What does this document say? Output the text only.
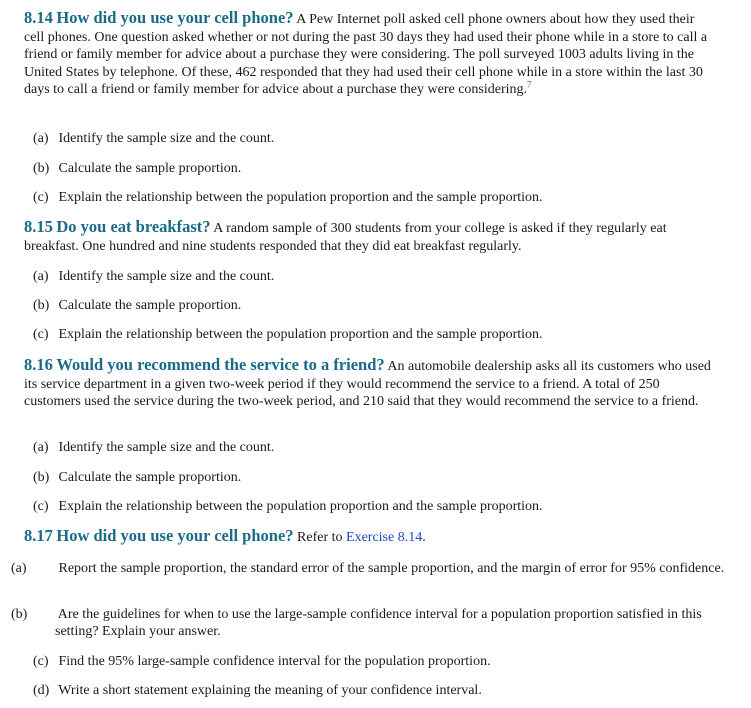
8.14 How did you use your cell phone? A Pew Internet poll asked cell phone owners about how they used their cell phones. One question asked whether or not during the past 30 days they had used their phone while in a store to call a friend or family member for advice about a purchase they were considering. The poll surveyed 1003 adults living in the United States by telephone. Of these, 462 responded that they had used their cell phone while in a store within the last 30 days to call a friend or family member for advice about a purchase they were considering.$^7$

(a) Identify the sample size and the count.
(b) Calculate the sample proportion.
(c) Explain the relationship between the population proportion and the sample proportion.

8.15 Do you eat breakfast? A random sample of 300 students from your college is asked if they regularly eat breakfast. One hundred and nine students responded that they did eat breakfast regularly.

(a) Identify the sample size and the count.
(b) Calculate the sample proportion.
(c) Explain the relationship between the population proportion and the sample proportion.

8.16 Would you recommend the service to a friend? An automobile dealership asks all its customers who used its service department in a given two-week period if they would recommend the service to a friend. A total of 250 customers used the service during the two-week period, and 210 said that they would recommend the service to a friend.

(a) Identify the sample size and the count.
(b) Calculate the sample proportion.
(c) Explain the relationship between the population proportion and the sample proportion.

8.17 How did you use your cell phone? Refer to Exercise 8.14.

(a) Report the sample proportion, the standard error of the sample proportion, and the margin of error for 95% confidence.
(b) Are the guidelines for when to use the large-sample confidence interval for a population proportion satisfied in this setting? Explain your answer.
(c) Find the 95% large-sample confidence interval for the population proportion.
(d) Write a short statement explaining the meaning of your confidence interval.
